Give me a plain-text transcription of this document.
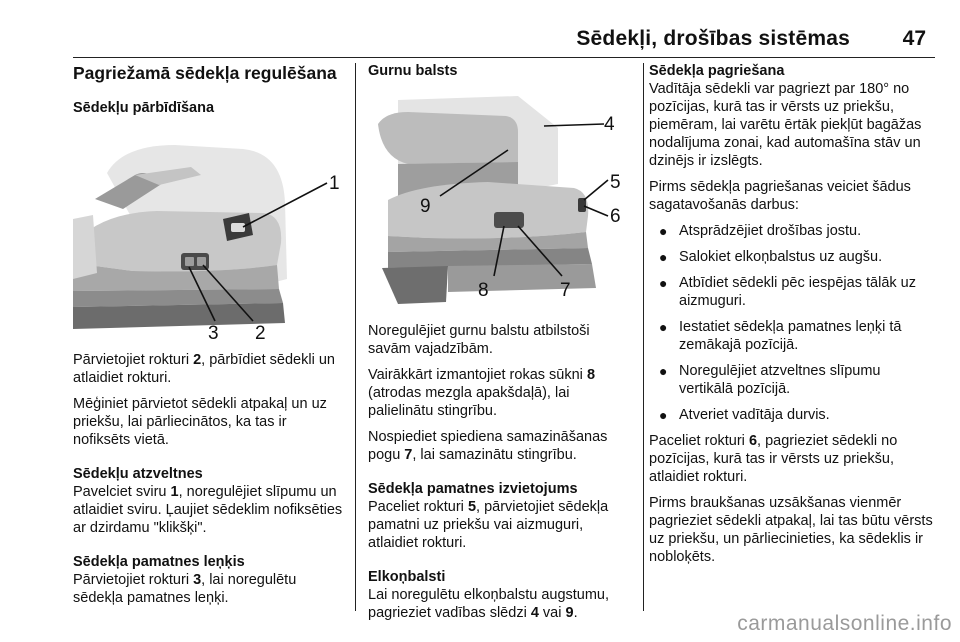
Sēdekļi, drošības sistēmas	47
Pagriežamā sēdekļa regulēšana
Sēdekļu pārbīdīšana
1
3 2

Pārvietojiet rokturi 2, pārbīdiet sēdekli un atlaidiet rokturi.

Mēģiniet pārvietot sēdekli atpakaļ un uz priekšu, lai pārliecinātos, ka tas ir nofiksēts vietā.

Sēdekļu atzveltnes

Pavelciet sviru 1, noregulējiet slīpumu un atlaidiet sviru. Ļaujiet sēdeklim nofiksēties ar dzirdamu "klikšķi".

Sēdekļa pamatnes leņķis

Pārvietojiet rokturi 3, lai noregulētu sēdekļa pamatnes leņķi.

Gurnu balsts
4
5
9	6
8	7

Noregulējiet gurnu balstu atbilstoši savām vajadzībām.

Vairākkārt izmantojiet rokas sūkni 8 (atrodas mezgla apakšdaļā), lai palielinātu stingrību.

Nospiediet spiediena samazināšanas pogu 7, lai samazinātu stingrību.

Sēdekļa pamatnes izvietojums

Paceliet rokturi 5, pārvietojiet sēdekļa pamatni uz priekšu vai aizmuguri, atlaidiet rokturi.

Elkoņbalsti

Lai noregulētu elkoņbalstu augstumu, pagrieziet vadības slēdzi 4 vai 9.

Sēdekļa pagriešana

Vadītāja sēdekli var pagriezt par 180° no pozīcijas, kurā tas ir vērsts uz priekšu, piemēram, lai varētu ērtāk piekļūt bagāžas nodalījuma zonai, kad automašīna stāv un dzinējs ir izslēgts.

Pirms sēdekļa pagriešanas veiciet šādus sagatavošanās darbus:

● Atsprādzējiet drošības jostu.
● Salokiet elkoņbalstus uz augšu.
● Atbīdiet sēdekli pēc iespējas tālāk uz aizmuguri.
● Iestatiet sēdekļa pamatnes leņķi tā zemākajā pozīcijā.
● Noregulējiet atzveltnes slīpumu vertikālā pozīcijā.
● Atveriet vadītāja durvis.

Paceliet rokturi 6, pagrieziet sēdekli no pozīcijas, kurā tas ir vērsts uz priekšu, atlaidiet rokturi.

Pirms braukšanas uzsākšanas vienmēr pagrieziet sēdekli atpakaļ, lai tas būtu vērsts uz priekšu, un pārliecinieties, ka sēdeklis ir nobloķēts.

carmanualsonline.info
